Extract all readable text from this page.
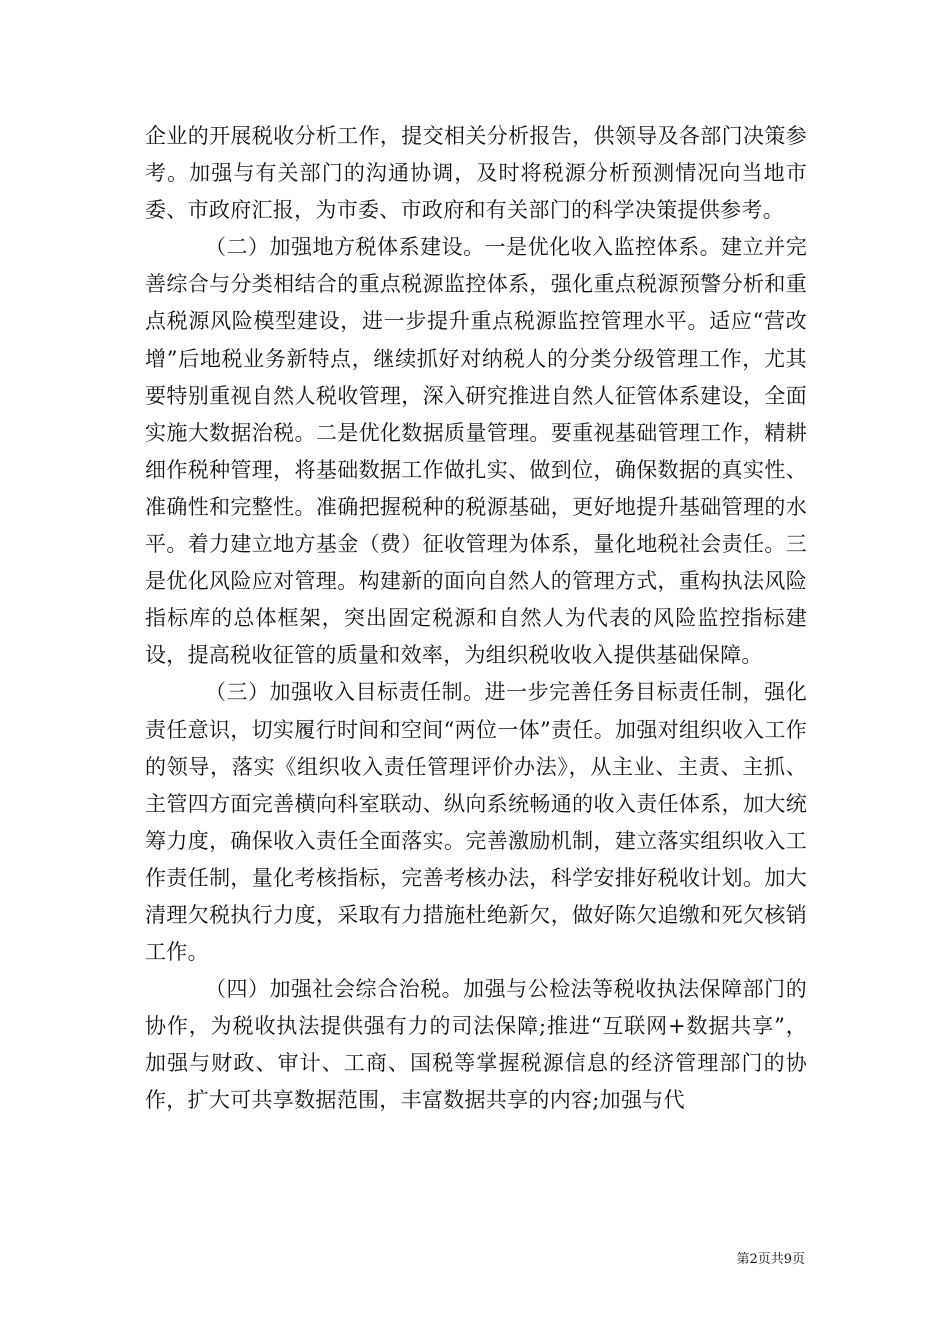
企业的开展税收分析工作，提交相关分析报告，供领导及各部门决策参考。加强与有关部门的沟通协调，及时将税源分析预测情况向当地市委、市政府汇报，为市委、市政府和有关部门的科学决策提供参考。

（二）加强地方税体系建设。一是优化收入监控体系。建立并完善综合与分类相结合的重点税源监控体系，强化重点税源预警分析和重点税源风险模型建设，进一步提升重点税源监控管理水平。适应“营改增”后地税业务新特点，继续抓好对纳税人的分类分级管理工作，尤其要特别重视自然人税收管理，深入研究推进自然人征管体系建设，全面实施大数据治税。二是优化数据质量管理。要重视基础管理工作，精耕细作税种管理，将基础数据工作做扎实、做到位，确保数据的真实性、准确性和完整性。准确把握税种的税源基础，更好地提升基础管理的水平。着力建立地方基金（费）征收管理为体系，量化地税社会责任。三是优化风险应对管理。构建新的面向自然人的管理方式，重构执法风险指标库的总体框架，突出固定税源和自然人为代表的风险监控指标建设，提高税收征管的质量和效率，为组织税收收入提供基础保障。

（三）加强收入目标责任制。进一步完善任务目标责任制，强化责任意识，切实履行时间和空间“两位一体”责任。加强对组织收入工作的领导，落实《组织收入责任管理评价办法》，从主业、主责、主抓、主管四方面完善横向科室联动、纵向系统畅通的收入责任体系，加大统筹力度，确保收入责任全面落实。完善激励机制，建立落实组织收入工作责任制，量化考核指标，完善考核办法，科学安排好税收计划。加大清理欠税执行力度，采取有力措施杜绝新欠，做好陈欠追缴和死欠核销工作。

（四）加强社会综合治税。加强与公检法等税收执法保障部门的协作，为税收执法提供强有力的司法保障;推进“互联网+数据共享”，加强与财政、审计、工商、国税等掌握税源信息的经济管理部门的协作，扩大可共享数据范围，丰富数据共享的内容;加强与代

第2页共9页
